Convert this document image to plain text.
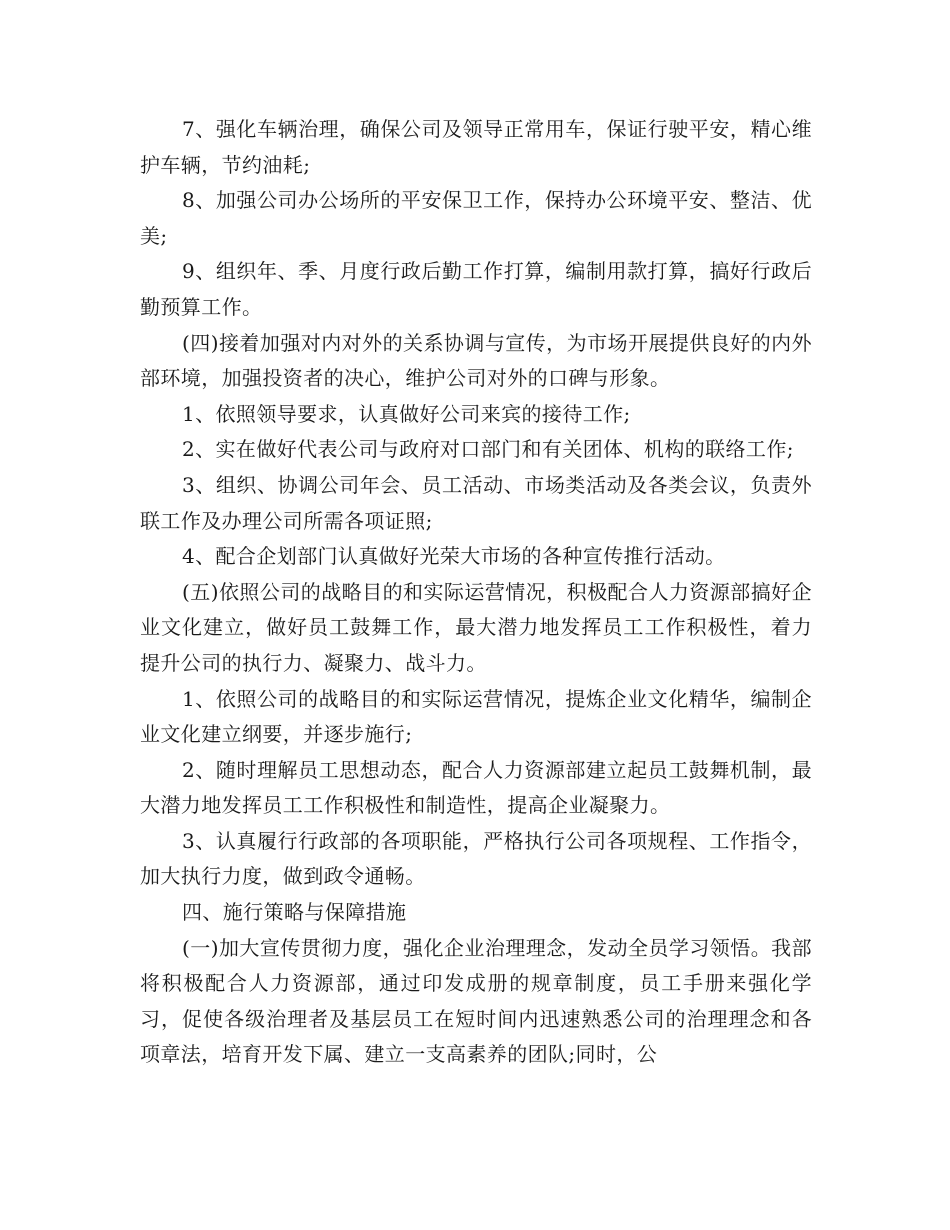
7、强化车辆治理，确保公司及领导正常用车，保证行驶平安，精心维护车辆，节约油耗;

8、加强公司办公场所的平安保卫工作，保持办公环境平安、整洁、优美;

9、组织年、季、月度行政后勤工作打算，编制用款打算，搞好行政后勤预算工作。

(四)接着加强对内对外的关系协调与宣传，为市场开展提供良好的内外部环境，加强投资者的决心，维护公司对外的口碑与形象。

1、依照领导要求，认真做好公司来宾的接待工作;

2、实在做好代表公司与政府对口部门和有关团体、机构的联络工作;

3、组织、协调公司年会、员工活动、市场类活动及各类会议，负责外联工作及办理公司所需各项证照;

4、配合企划部门认真做好光荣大市场的各种宣传推行活动。

(五)依照公司的战略目的和实际运营情况，积极配合人力资源部搞好企业文化建立，做好员工鼓舞工作，最大潜力地发挥员工工作积极性，着力提升公司的执行力、凝聚力、战斗力。

1、依照公司的战略目的和实际运营情况，提炼企业文化精华，编制企业文化建立纲要，并逐步施行;

2、随时理解员工思想动态，配合人力资源部建立起员工鼓舞机制，最大潜力地发挥员工工作积极性和制造性，提高企业凝聚力。

3、认真履行行政部的各项职能，严格执行公司各项规程、工作指令，加大执行力度，做到政令通畅。

四、施行策略与保障措施

(一)加大宣传贯彻力度，强化企业治理理念，发动全员学习领悟。我部将积极配合人力资源部，通过印发成册的规章制度，员工手册来强化学习，促使各级治理者及基层员工在短时间内迅速熟悉公司的治理理念和各项章法，培育开发下属、建立一支高素养的团队;同时，公
